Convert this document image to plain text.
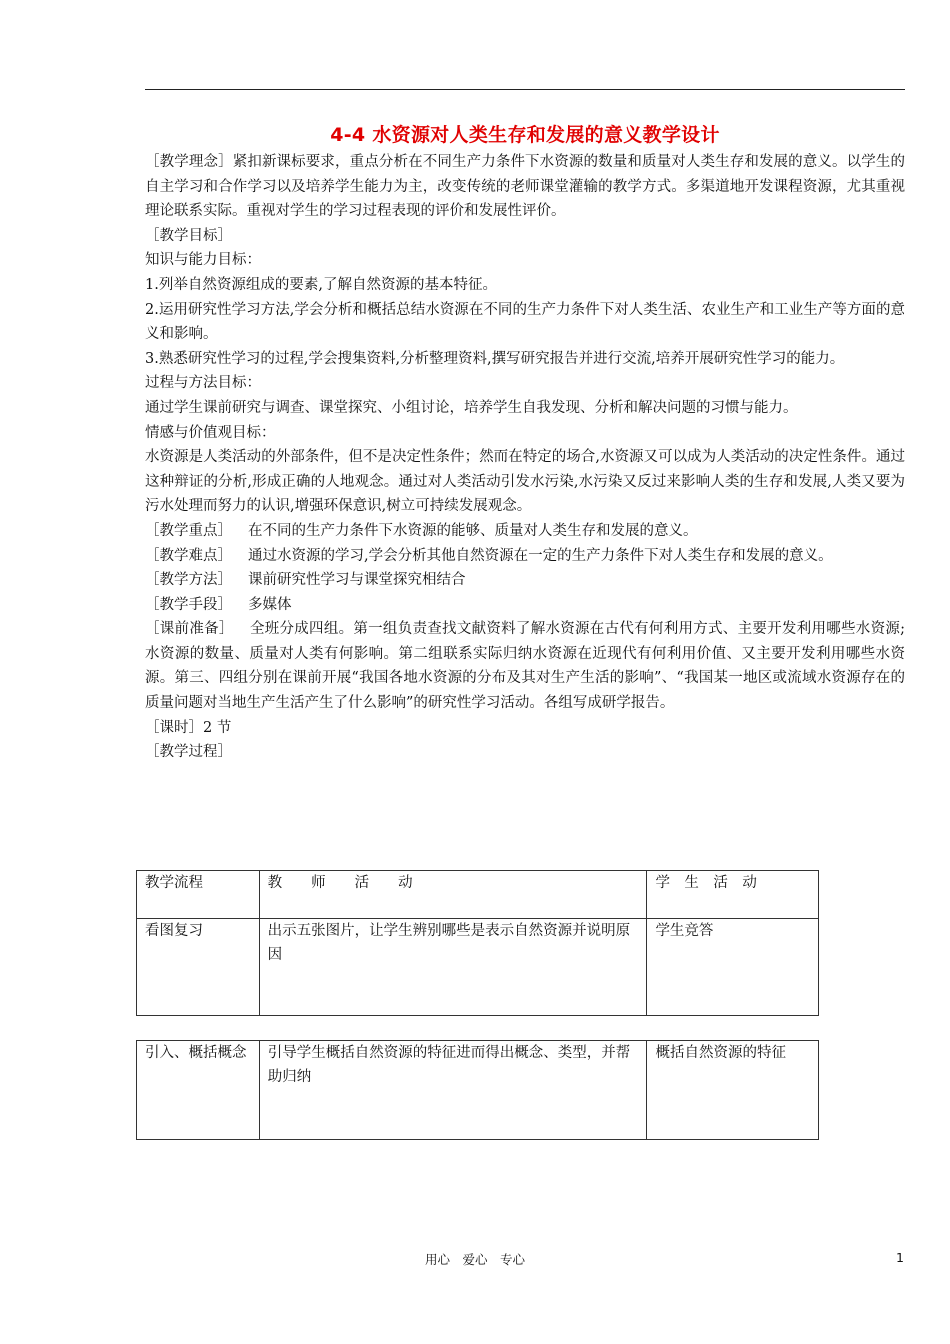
4-4 水资源对人类生存和发展的意义教学设计

［教学理念］紧扣新课标要求，重点分析在不同生产力条件下水资源的数量和质量对人类生存和发展的意义。以学生的自主学习和合作学习以及培养学生能力为主，改变传统的老师课堂灌输的教学方式。多渠道地开发课程资源，尤其重视理论联系实际。重视对学生的学习过程表现的评价和发展性评价。

［教学目标］

知识与能力目标：

1.列举自然资源组成的要素,了解自然资源的基本特征。

2.运用研究性学习方法,学会分析和概括总结水资源在不同的生产力条件下对人类生活、农业生产和工业生产等方面的意义和影响。

3.熟悉研究性学习的过程,学会搜集资料,分析整理资料,撰写研究报告并进行交流,培养开展研究性学习的能力。

过程与方法目标：

通过学生课前研究与调查、课堂探究、小组讨论，培养学生自我发现、分析和解决问题的习惯与能力。

情感与价值观目标：

水资源是人类活动的外部条件，但不是决定性条件；然而在特定的场合,水资源又可以成为人类活动的决定性条件。通过这种辩证的分析,形成正确的人地观念。通过对人类活动引发水污染,水污染又反过来影响人类的生存和发展,人类又要为污水处理而努力的认识,增强环保意识,树立可持续发展观念。

［教学重点］ 在不同的生产力条件下水资源的能够、质量对人类生存和发展的意义。

［教学难点］ 通过水资源的学习,学会分析其他自然资源在一定的生产力条件下对人类生存和发展的意义。

［教学方法］ 课前研究性学习与课堂探究相结合

［教学手段］ 多媒体

［课前准备］ 全班分成四组。第一组负责查找文献资料了解水资源在古代有何利用方式、主要开发利用哪些水资源;水资源的数量、质量对人类有何影响。第二组联系实际归纳水资源在近现代有何利用价值、又主要开发利用哪些水资源。第三、四组分别在课前开展“我国各地水资源的分布及其对生产生活的影响”、“我国某一地区或流域水资源存在的质量问题对当地生产生活产生了什么影响”的研究性学习活动。各组写成研学报告。

［课时］2 节

［教学过程］

教学流程	教　　师　　活　　动	学　生　活　动
看图复习	出示五张图片，让学生辨别哪些是表示自然资源并说明原因	学生竞答
引入、概括概念	引导学生概括自然资源的特征进而得出概念、类型，并帮助归纳	概括自然资源的特征
用心　爱心　专心	1
